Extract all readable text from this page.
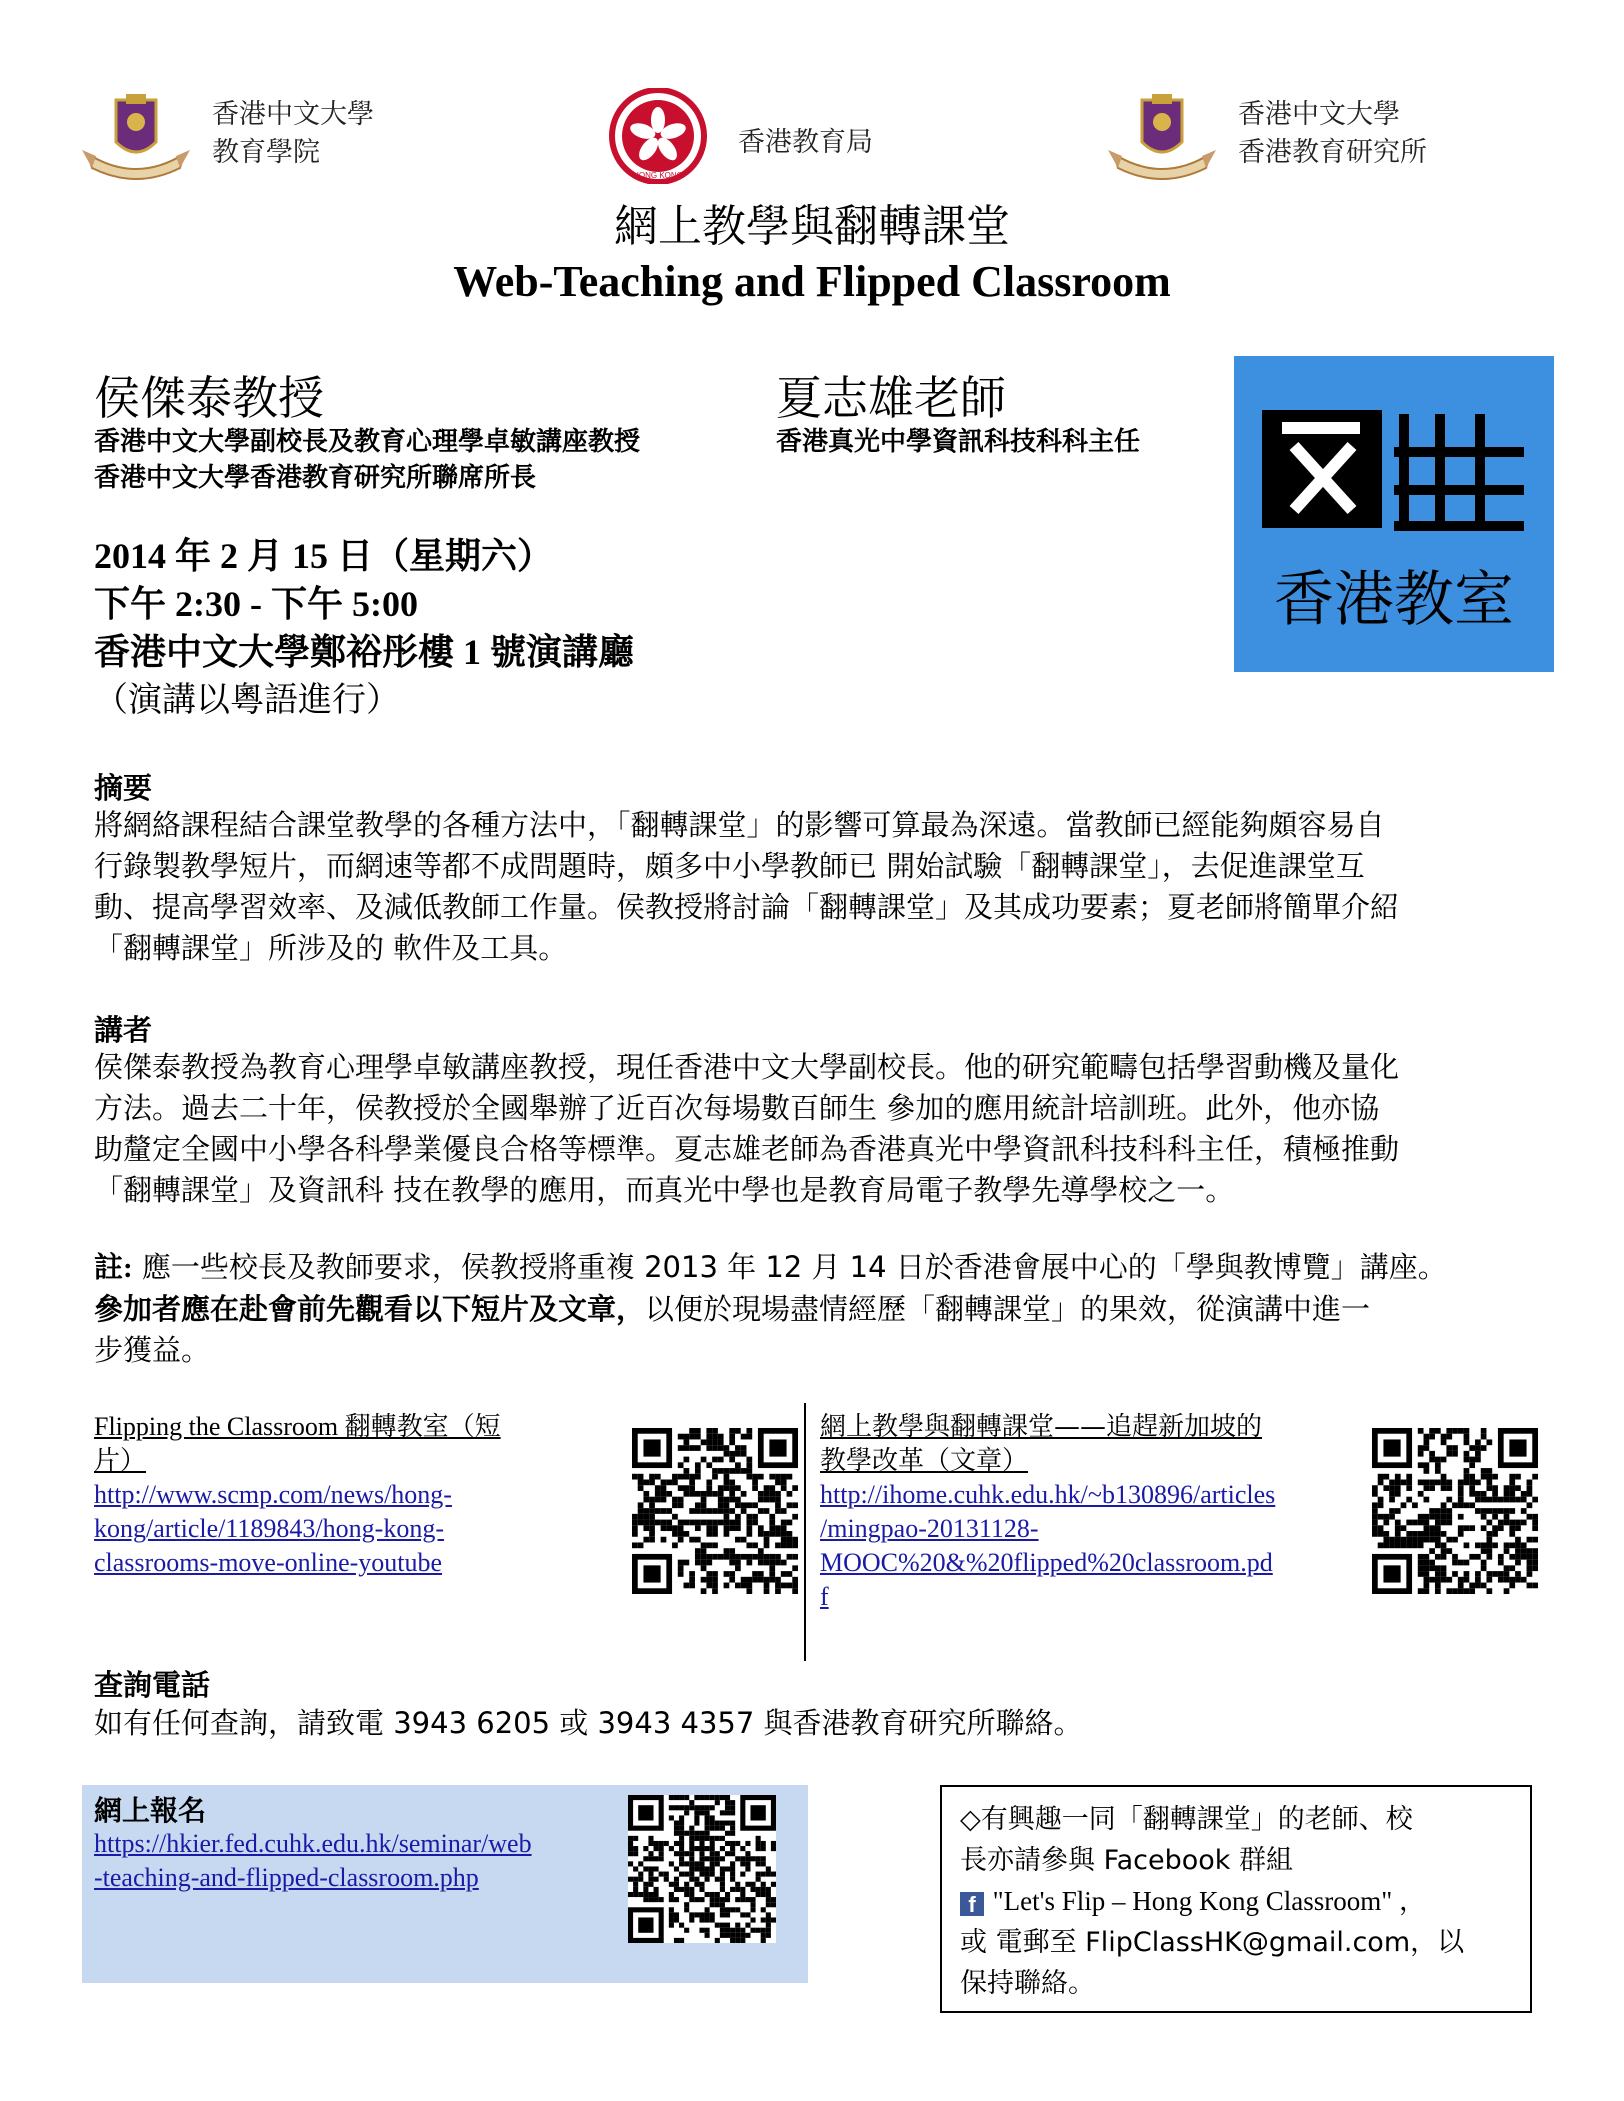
香港中文大學
教育學院
HONG KONG
香港教育局
香港中文大學
香港教育研究所
網上教學與翻轉課堂
Web-Teaching and Flipped Classroom
侯傑泰教授
香港中文大學副校長及教育心理學卓敏講座教授
香港中文大學香港教育研究所聯席所長
夏志雄老師
香港真光中學資訊科技科科主任
香港教室
2014 年 2 月 15 日（星期六）
下午 2:30 - 下午 5:00
香港中文大學鄭裕彤樓 1 號演講廳
（演講以粵語進行）
摘要
將網絡課程結合課堂教學的各種方法中，「翻轉課堂」的影響可算最為深遠。當教師已經能夠頗容易自
行錄製教學短片，而網速等都不成問題時，頗多中小學教師已 開始試驗「翻轉課堂」，去促進課堂互
動、提高學習效率、及減低教師工作量。侯教授將討論「翻轉課堂」及其成功要素；夏老師將簡單介紹
「翻轉課堂」所涉及的 軟件及工具。
講者
侯傑泰教授為教育心理學卓敏講座教授，現任香港中文大學副校長。他的研究範疇包括學習動機及量化
方法。過去二十年，侯教授於全國舉辦了近百次每場數百師生 參加的應用統計培訓班。此外，他亦協
助釐定全國中小學各科學業優良合格等標準。夏志雄老師為香港真光中學資訊科技科科主任，積極推動
「翻轉課堂」及資訊科 技在教學的應用，而真光中學也是教育局電子教學先導學校之一。
註: 應一些校長及教師要求，侯教授將重複 2013 年 12 月 14 日於香港會展中心的「學與教博覽」講座。
參加者應在赴會前先觀看以下短片及文章，以便於現場盡情經歷「翻轉課堂」的果效，從演講中進一
步獲益。
Flipping the Classroom 翻轉教室（短
片）
http://www.scmp.com/news/hong-
kong/article/1189843/hong-kong-
classrooms-move-online-youtube
網上教學與翻轉課堂——追趕新加坡的
教學改革（文章）
http://ihome.cuhk.edu.hk/~b130896/articles
/mingpao-20131128-
MOOC%20&%20flipped%20classroom.pd
f
查詢電話
如有任何查詢，請致電 3943 6205 或 3943 4357 與香港教育研究所聯絡。
網上報名
https://hkier.fed.cuhk.edu.hk/seminar/web
-teaching-and-flipped-classroom.php
◇有興趣一同「翻轉課堂」的老師、校
長亦請參與 Facebook 群組
f "Let's Flip – Hong Kong Classroom" ，
或 電郵至 FlipClassHK@gmail.com，以
保持聯絡。
